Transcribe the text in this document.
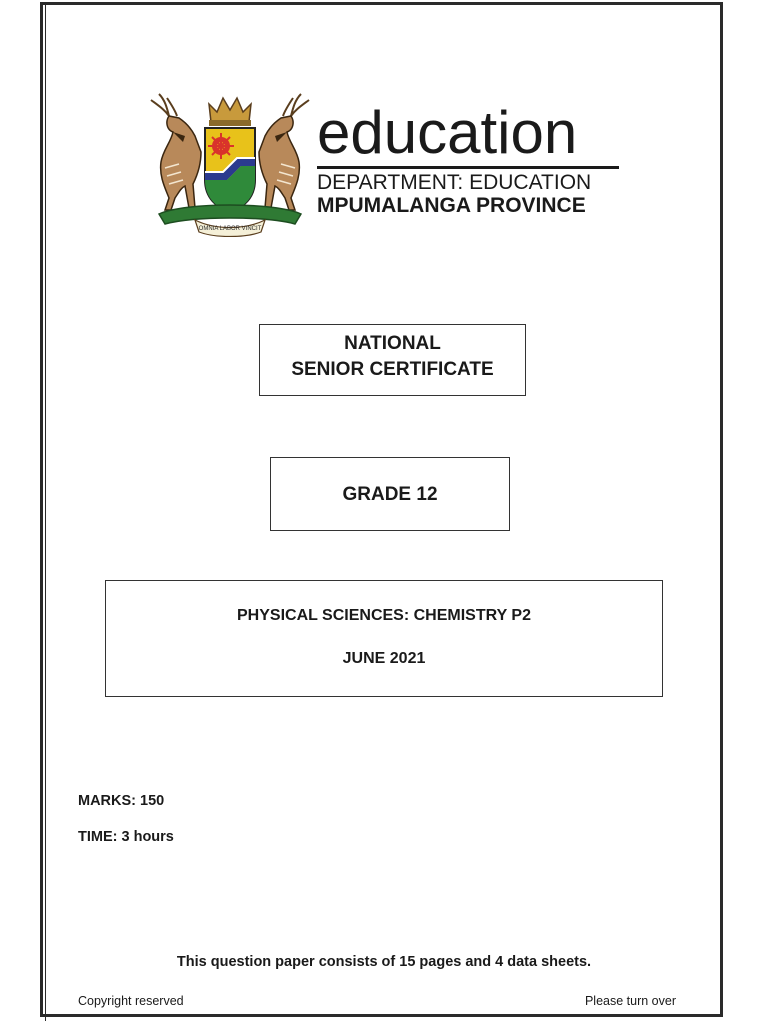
OMNIA LABOR VINCIT
education
DEPARTMENT: EDUCATION
MPUMALANGA PROVINCE
NATIONAL
SENIOR CERTIFICATE
GRADE 12
PHYSICAL SCIENCES: CHEMISTRY P2
JUNE 2021
MARKS: 150
TIME: 3 hours
This question paper consists of 15 pages and 4 data sheets.
Copyright reserved	Please turn over
